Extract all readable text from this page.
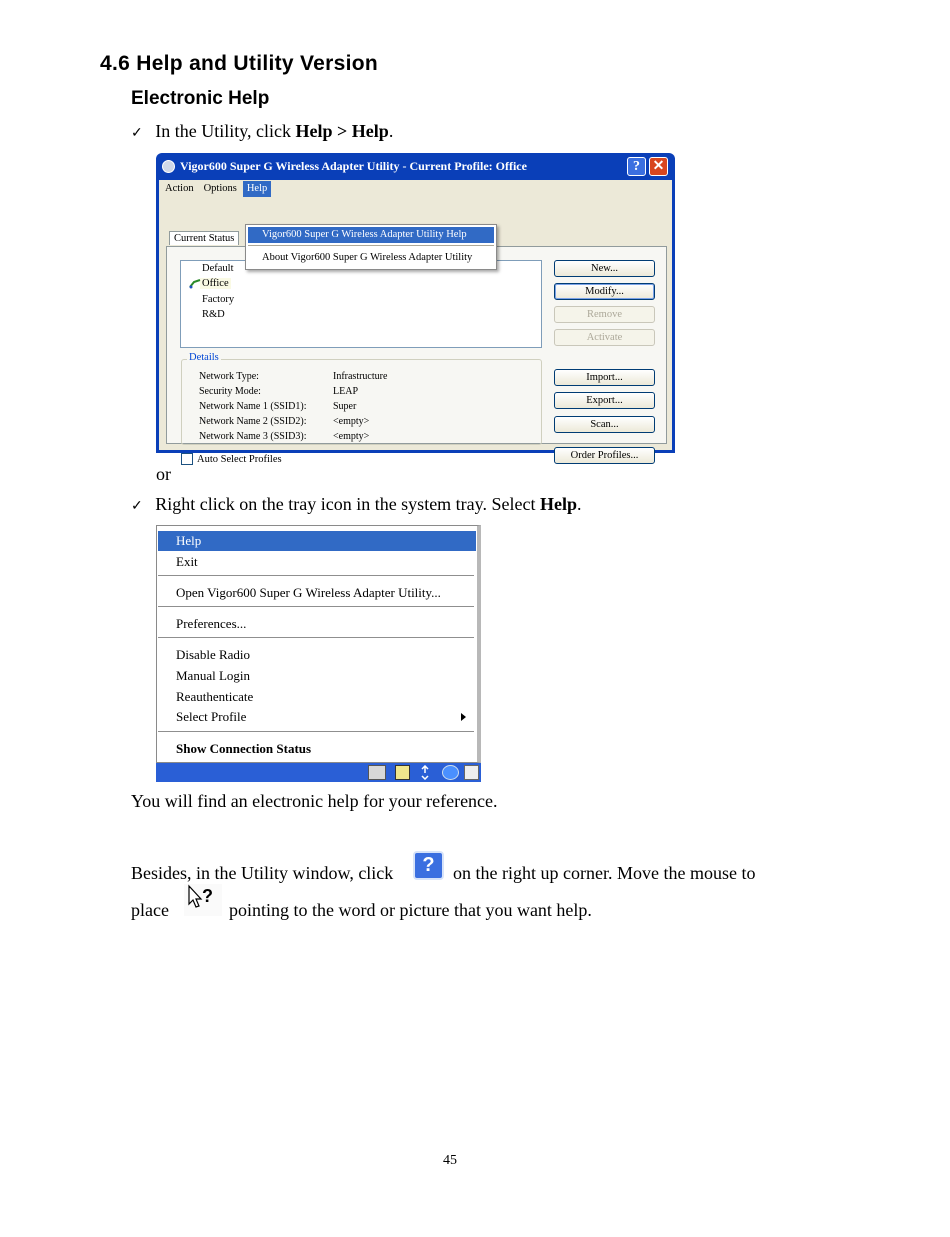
4.6 Help and Utility Version
Electronic Help
✓ In the Utility, click Help > Help.
Vigor600 Super G Wireless Adapter Utility - Current Profile: Office	? ✕
Action Options Help
Current Status
Default
Office
Factory
R&D
Network Type:	Infrastructure
Security Mode:	LEAP
Network Name 1 (SSID1):	Super
Network Name 2 (SSID2):	<empty>
Network Name 3 (SSID3):	<empty>
Details
New...
Modify...
Remove
Activate
Import...
Export...
Scan...
Order Profiles...
Auto Select Profiles
Vigor600 Super G Wireless Adapter Utility Help
About Vigor600 Super G Wireless Adapter Utility
or
✓ Right click on the tray icon in the system tray. Select Help.
Help
Exit
Open Vigor600 Super G Wireless Adapter Utility...
Preferences...
Disable Radio
Manual Login
Reauthenticate
Select Profile
Show Connection Status
You will find an electronic help for your reference.
Besides, in the Utility window, click	?	on the right up corner. Move the mouse to
place
?
pointing to the word or picture that you want help.
45
